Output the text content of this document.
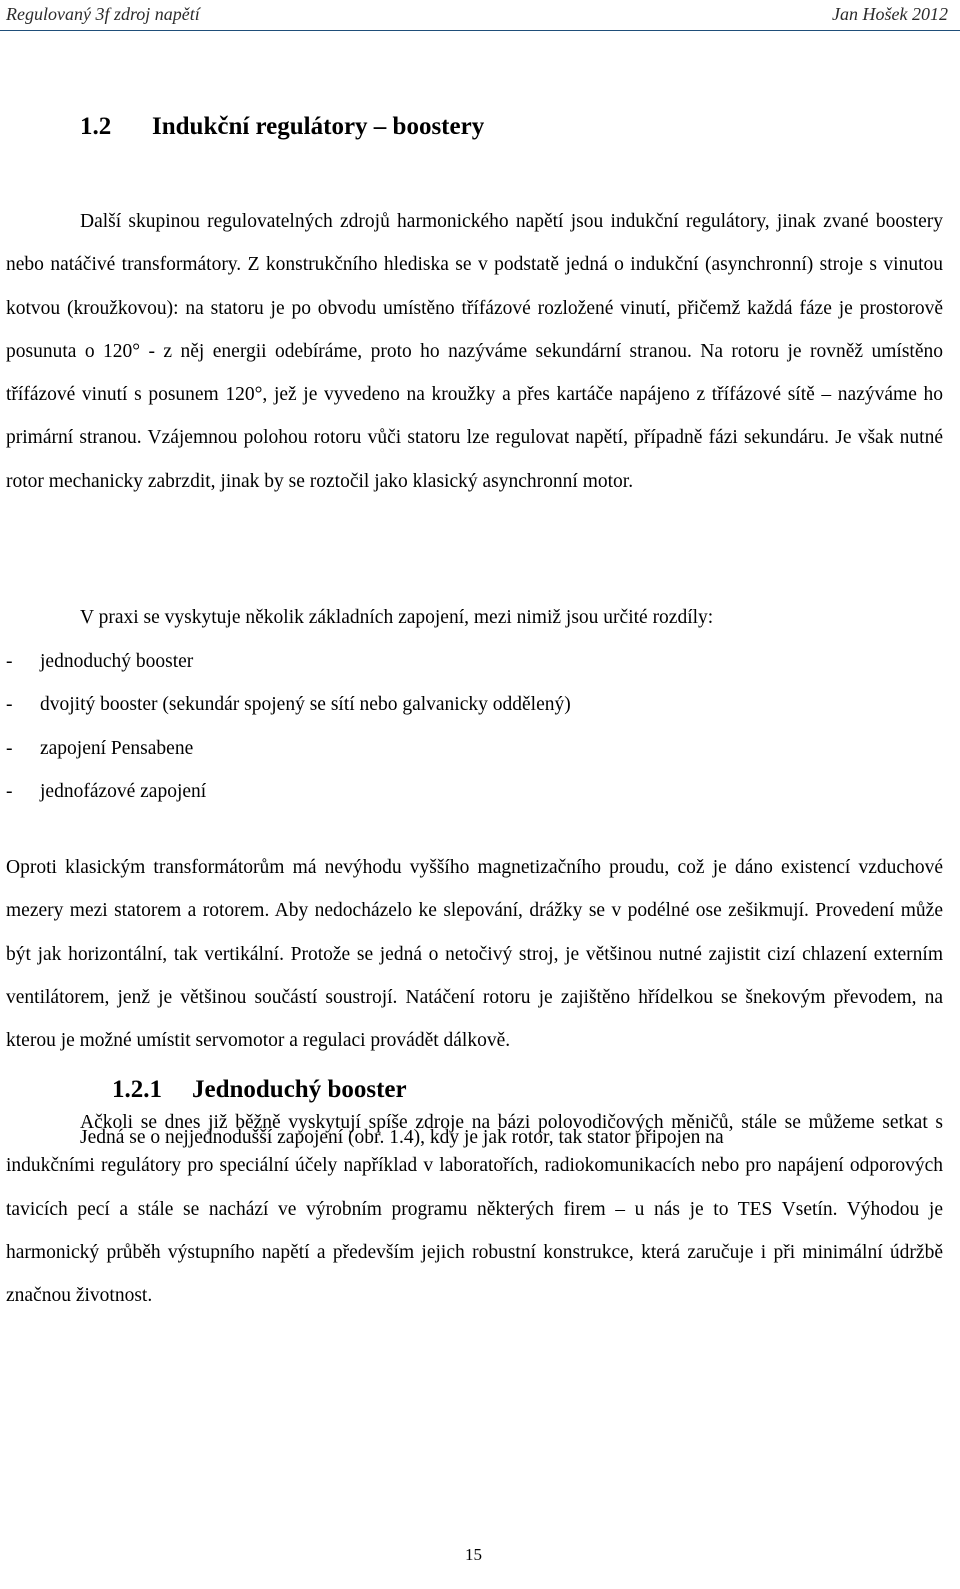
Regulovaný 3f zdroj napětí	Jan Hošek 2012
1.2 Indukční regulátory – boostery

Další skupinou regulovatelných zdrojů harmonického napětí jsou indukční regulátory, jinak zvané boostery nebo natáčivé transformátory. Z konstrukčního hlediska se v podstatě jedná o indukční (asynchronní) stroje s vinutou kotvou (kroužkovou): na statoru je po obvodu umístěno třífázové rozložené vinutí, přičemž každá fáze je prostorově posunuta o 120° - z něj energii odebíráme, proto ho nazýváme sekundární stranou. Na rotoru je rovněž umístěno třífázové vinutí s posunem 120°, jež je vyvedeno na kroužky a přes kartáče napájeno z třífázové sítě – nazýváme ho primární stranou. Vzájemnou polohou rotoru vůči statoru lze regulovat napětí, případně fázi sekundáru. Je však nutné rotor mechanicky zabrzdit, jinak by se roztočil jako klasický asynchronní motor.

V praxi se vyskytuje několik základních zapojení, mezi nimiž jsou určité rozdíly:

- jednoduchý booster
- dvojitý booster (sekundár spojený se sítí nebo galvanicky oddělený)
- zapojení Pensabene
- jednofázové zapojení

Oproti klasickým transformátorům má nevýhodu vyššího magnetizačního proudu, což je dáno existencí vzduchové mezery mezi statorem a rotorem. Aby nedocházelo ke slepování, drážky se v podélné ose zešikmují. Provedení může být jak horizontální, tak vertikální. Protože se jedná o netočivý stroj, je většinou nutné zajistit cizí chlazení externím ventilátorem, jenž je většinou součástí soustrojí. Natáčení rotoru je zajištěno hřídelkou se šnekovým převodem, na kterou je možné umístit servomotor a regulaci provádět dálkově.

Ačkoli se dnes již běžně vyskytují spíše zdroje na bázi polovodičových měničů, stále se můžeme setkat s indukčními regulátory pro speciální účely například v laboratořích, radiokomunikacích nebo pro napájení odporových tavicích pecí a stále se nachází ve výrobním programu některých firem – u nás je to TES Vsetín. Výhodou je harmonický průběh výstupního napětí a především jejich robustní konstrukce, která zaručuje i při minimální údržbě značnou životnost.

1.2.1 Jednoduchý booster

Jedná se o nejjednodušší zapojení (obr. 1.4), kdy je jak rotor, tak stator připojen na

15
